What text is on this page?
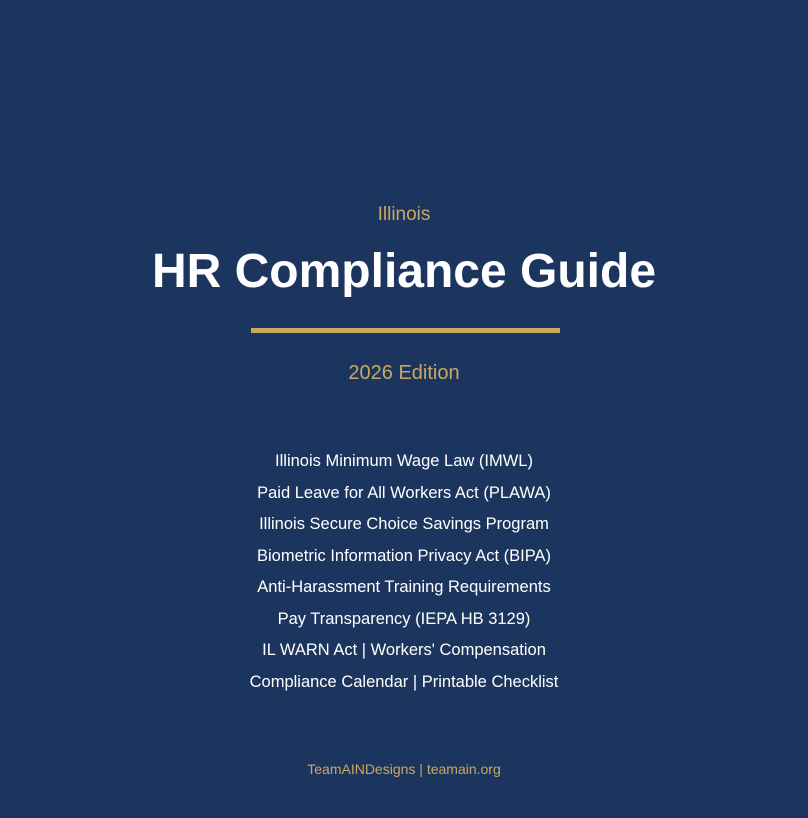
Illinois
HR Compliance Guide
2026 Edition
Illinois Minimum Wage Law (IMWL)
Paid Leave for All Workers Act (PLAWA)
Illinois Secure Choice Savings Program
Biometric Information Privacy Act (BIPA)
Anti-Harassment Training Requirements
Pay Transparency (IEPA HB 3129)
IL WARN Act | Workers' Compensation
Compliance Calendar | Printable Checklist
TeamAINDesigns | teamain.org
